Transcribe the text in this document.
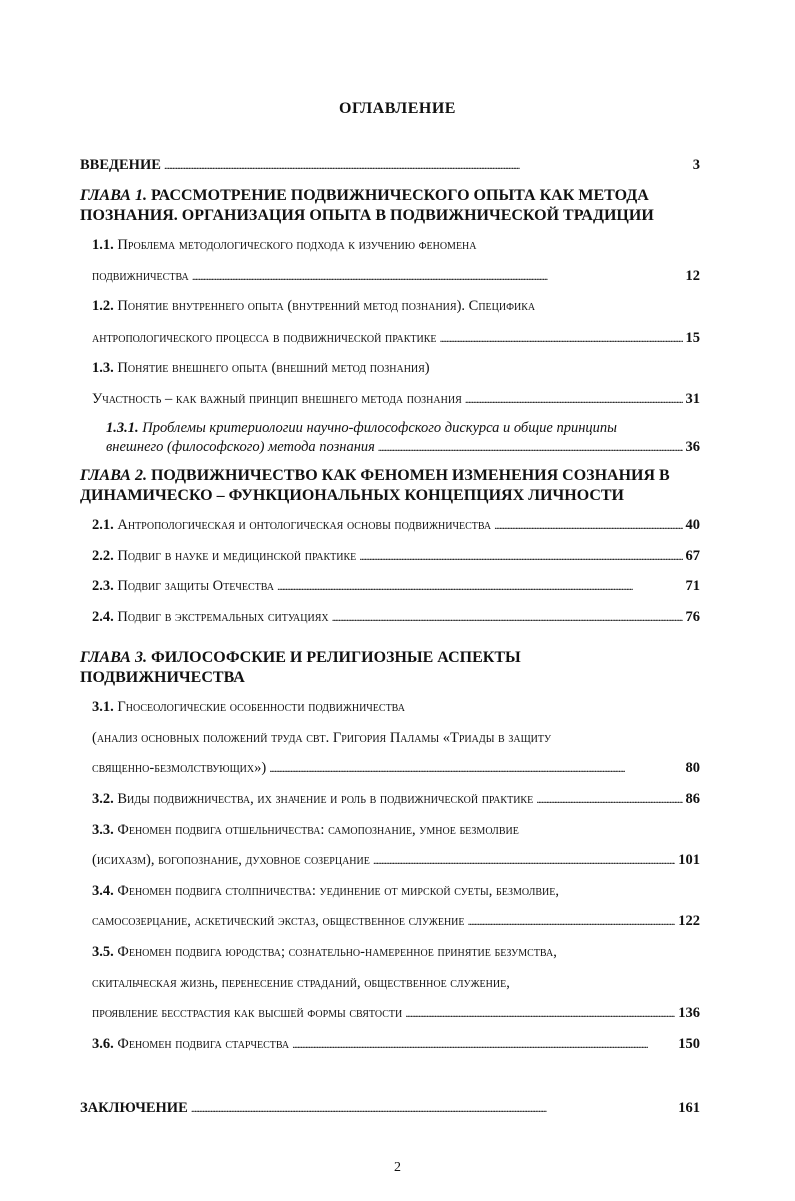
ОГЛАВЛЕНИЕ
ВВЕДЕНИЕ . . .	3
ГЛАВА 1. РАССМОТРЕНИЕ ПОДВИЖНИЧЕСКОГО ОПЫТА КАК МЕТОДА
ПОЗНАНИЯ. ОРГАНИЗАЦИЯ ОПЫТА В ПОДВИЖНИЧЕСКОЙ ТРАДИЦИИ
1.1. Проблема методологического подхода к изучению феномена
подвижничества . . .	12
1.2. Понятие внутреннего опыта (внутренний метод познания). Специфика
антропологического процесса в подвижнической практике . . .	15
1.3. Понятие внешнего опыта (внешний метод познания)
Участность – как важный принцип внешнего метода познания . . .	31
1.3.1. Проблемы критериологии научно-философского дискурса и общие принципы
внешнего (философского) метода познания . . .	36
ГЛАВА 2. ПОДВИЖНИЧЕСТВО КАК ФЕНОМЕН ИЗМЕНЕНИЯ СОЗНАНИЯ В
ДИНАМИЧЕСКО – ФУНКЦИОНАЛЬНЫХ КОНЦЕПЦИЯХ ЛИЧНОСТИ
2.1. Антропологическая и онтологическая основы подвижничества . . .	40
2.2. Подвиг в науке и медицинской практике . . .	67
2.3. Подвиг защиты Отечества . . .	71
2.4. Подвиг в экстремальных ситуациях . . .	76
ГЛАВА 3. ФИЛОСОФСКИЕ И РЕЛИГИОЗНЫЕ АСПЕКТЫ
ПОДВИЖНИЧЕСТВА
3.1. Гносеологические особенности подвижничества
(анализ основных положений труда свт. Григория Паламы «Триады в защиту
священно-безмолствующих») . . .	80
3.2. Виды подвижничества, их значение и роль в подвижнической практике . . .	86
3.3. Феномен подвига отшельничества: самопознание, умное безмолвие
(исихазм), богопознание, духовное созерцание . . .	101
3.4. Феномен подвига столпничества: уединение от мирской суеты, безмолвие,
самосозерцание, аскетический экстаз, общественное служение . . .	122
3.5. Феномен подвига юродства; сознательно-намеренное принятие безумства,
скитальческая жизнь, перенесение страданий, общественное служение,
проявление бесстрастия как высшей формы святости . . .	136
3.6. Феномен подвига старчества . . .	150
ЗАКЛЮЧЕНИЕ . . .	161
2
